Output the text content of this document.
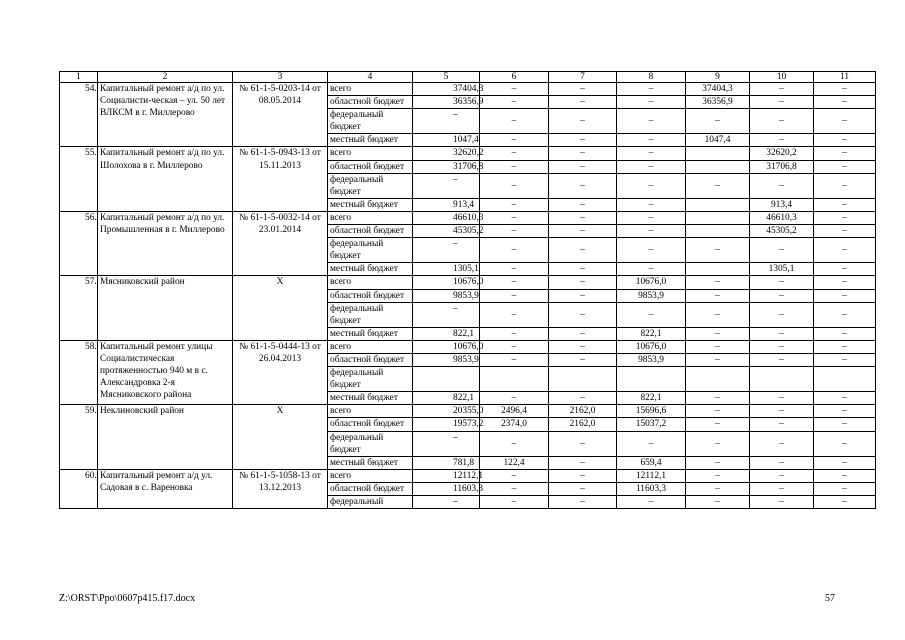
1	2	3	4	5	6	7	8	9	10	11
54.	Капитальный ремонт а/д по ул. Социалисти-ческая – ул. 50 лет ВЛКСМ в г. Миллерово	№ 61-1-5-0203-14 от 08.05.2014	всего	37404,3	–	–	–	37404,3	–	–
			областной бюджет	36356,9	–	–	–	36356,9	–	–
			федеральный бюджет	–	–	–	–	–	–	–
			местный бюджет	1047,4	–	–	–	1047,4	–	–
55.	Капитальный ремонт а/д по ул. Шолохова в г. Миллерово	№ 61-1-5-0943-13 от 15.11.2013	всего	32620,2	–	–	–		32620,2	–
			областной бюджет	31706,8	–	–	–		31706,8	–
			федеральный бюджет	–	–	–	–	–	–	–
			местный бюджет	913,4	–	–	–		913,4	–
56.	Капитальный ремонт а/д по ул. Промышленная в г. Миллерово	№ 61-1-5-0032-14 от 23.01.2014	всего	46610,3	–	–	–		46610,3	–
			областной бюджет	45305,2	–	–	–		45305,2	–
			федеральный бюджет	–	–	–	–	–	–	–
			местный бюджет	1305,1	–	–	–		1305,1	–
57.	Мясниковский район	Х	всего	10676,0	–	–	10676,0	–	–	–
			областной бюджет	9853,9	–	–	9853,9	–	–	–
			федеральный бюджет	–	–	–	–	–	–	–
			местный бюджет	822,1	–	–	822,1	–	–	–
58.	Капитальный ремонт улицы Социалистическая протяженностью 940 м в с. Александровка 2-я Мясниковского района	№ 61-1-5-0444-13 от 26.04.2013	всего	10676,0	–	–	10676,0	–	–	–
			областной бюджет	9853,9	–	–	9853,9	–	–	–
			федеральный бюджет							
			местный бюджет	822,1	–	–	822,1	–	–	–
59.	Неклиновский район	Х	всего	20355,0	2496,4	2162,0	15696,6	–	–	–
			областной бюджет	19573,2	2374,0	2162,0	15037,2	–	–	–
			федеральный бюджет	–	–	–	–	–	–	–
			местный бюджет	781,8	122,4	–	659,4	–	–	–
60.	Капитальный ремонт а/д ул. Садовая в с. Вареновка	№ 61-1-5-1058-13 от 13.12.2013	всего	12112,1	–	–	12112,1	–	–	–
			областной бюджет	11603,3	–	–	11603,3	–	–	–
			федеральный	–	–	–	–	–	–	–
Z:\ORST\Ppo\0607p415.f17.docx	57
